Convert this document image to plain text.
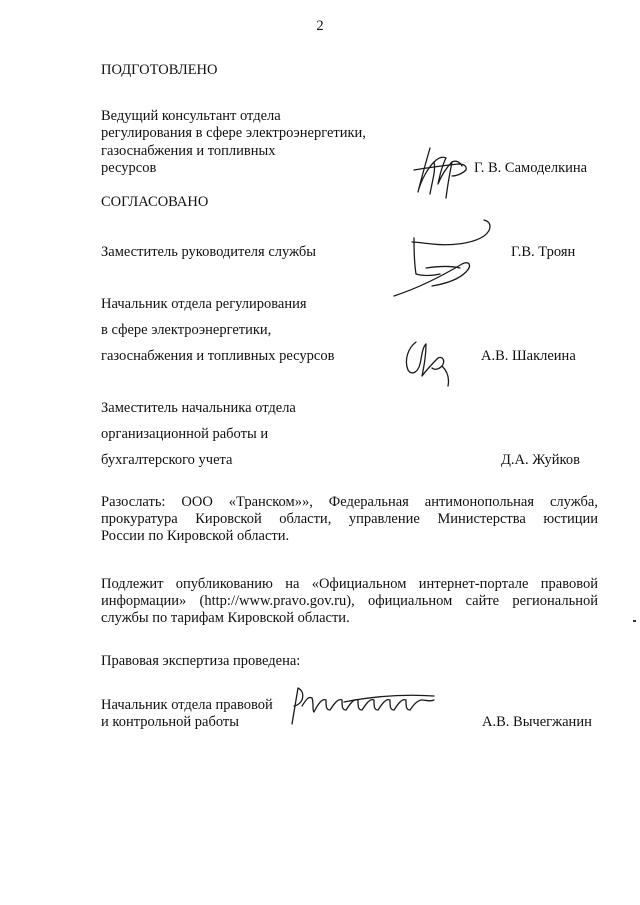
2
ПОДГОТОВЛЕНО
Ведущий консультант отдела
регулирования в сфере электроэнергетики,
газоснабжения и топливных
ресурсов	Г. В. Самоделкина
СОГЛАСОВАНО
Заместитель руководителя службы	Г.В. Троян
Начальник отдела регулирования
в сфере электроэнергетики,
газоснабжения и топливных ресурсов	А.В. Шаклеина
Заместитель начальника отдела
организационной работы и
бухгалтерского учета	Д.А. Жуйков

Разослать: ООО «Транском»», Федеральная антимонопольная служба,

прокуратура Кировской области, управление Министерства юстиции

России по Кировской области.

Подлежит опубликованию на «Официальном интернет-портале правовой

информации» (http://www.pravo.gov.ru), официальном сайте региональной

службы по тарифам Кировской области.

Правовая экспертиза проведена:
Начальник отдела правовой
и контрольной работы	А.В. Вычегжанин
